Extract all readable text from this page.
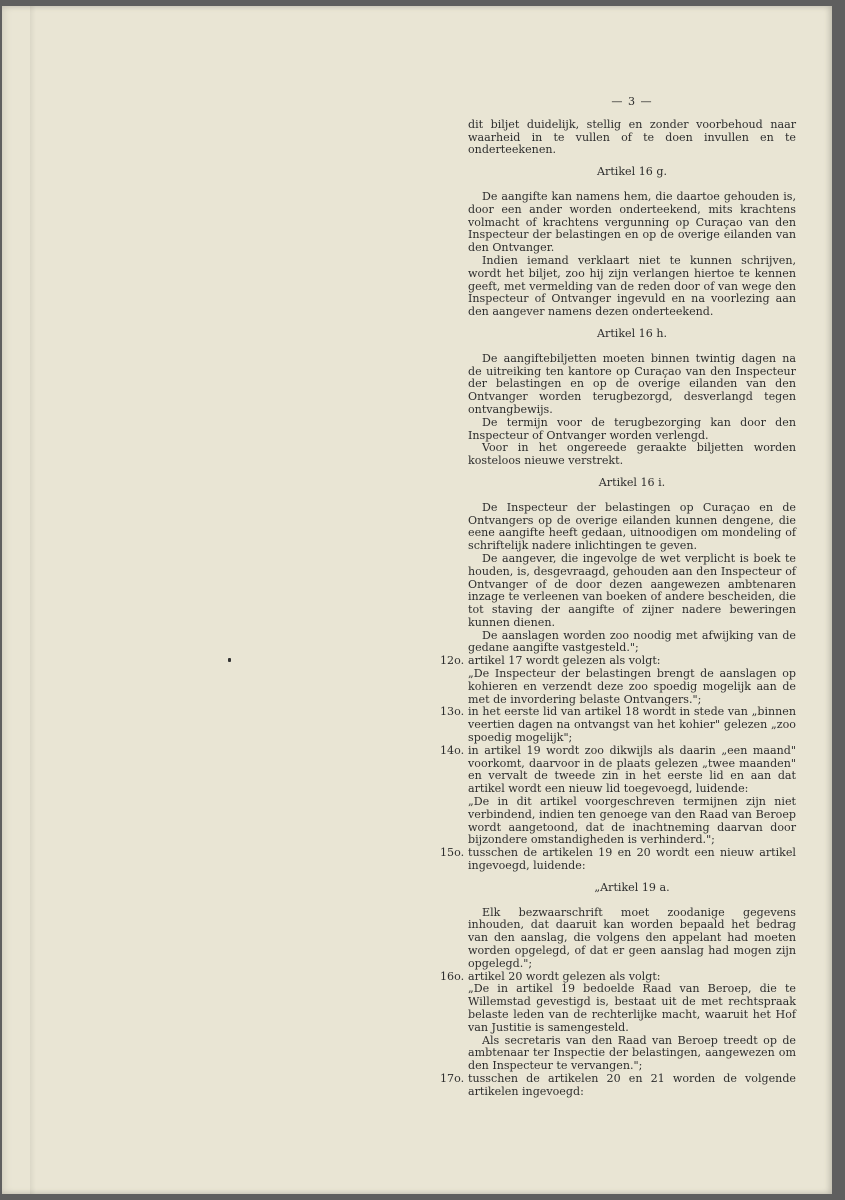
— 3 —

dit biljet duidelijk, stellig en zonder voorbehoud naar waarheid in te vullen of te doen invullen en te onderteekenen.

Artikel 16 g.

De aangifte kan namens hem, die daartoe gehouden is, door een ander worden onderteekend, mits krachtens volmacht of krachtens vergunning op Curaçao van den Inspecteur der belastingen en op de overige eilanden van den Ontvanger.

Indien iemand verklaart niet te kunnen schrijven, wordt het biljet, zoo hij zijn verlangen hiertoe te kennen geeft, met vermelding van de reden door of van wege den Inspecteur of Ontvanger ingevuld en na voorlezing aan den aangever namens dezen onderteekend.

Artikel 16 h.

De aangiftebiljetten moeten binnen twintig dagen na de uitreiking ten kantore op Curaçao van den Inspecteur der belastingen en op de overige eilanden van den Ontvanger worden terugbezorgd, desverlangd tegen ontvangbewijs.

De termijn voor de terugbezorging kan door den Inspecteur of Ontvanger worden verlengd.

Voor in het ongereede geraakte biljetten worden kosteloos nieuwe verstrekt.

Artikel 16 i.

De Inspecteur der belastingen op Curaçao en de Ontvangers op de overige eilanden kunnen dengene, die eene aangifte heeft gedaan, uitnoodigen om mondeling of schriftelijk nadere inlichtingen te geven.

De aangever, die ingevolge de wet verplicht is boek te houden, is, desgevraagd, gehouden aan den Inspecteur of Ontvanger of de door dezen aangewezen ambtenaren inzage te verleenen van boeken of andere bescheiden, die tot staving der aangifte of zijner nadere beweringen kunnen dienen.

De aanslagen worden zoo noodig met afwijking van de gedane aangifte vastgesteld.";

12o. artikel 17 wordt gelezen als volgt:

„De Inspecteur der belastingen brengt de aanslagen op kohieren en verzendt deze zoo spoedig mogelijk aan de met de invordering belaste Ontvangers.";

13o. in het eerste lid van artikel 18 wordt in stede van „binnen veertien dagen na ontvangst van het kohier" gelezen „zoo spoedig mogelijk";

14o. in artikel 19 wordt zoo dikwijls als daarin „een maand" voorkomt, daarvoor in de plaats gelezen „twee maanden" en vervalt de tweede zin in het eerste lid en aan dat artikel wordt een nieuw lid toegevoegd, luidende:

„De in dit artikel voorgeschreven termijnen zijn niet verbindend, indien ten genoege van den Raad van Beroep wordt aangetoond, dat de inachtneming daarvan door bijzondere omstandigheden is verhinderd.";

15o. tusschen de artikelen 19 en 20 wordt een nieuw artikel ingevoegd, luidende:

„Artikel 19 a.

Elk bezwaarschrift moet zoodanige gegevens inhouden, dat daaruit kan worden bepaald het bedrag van den aanslag, die volgens den appelant had moeten worden opgelegd, of dat er geen aanslag had mogen zijn opgelegd.";

16o. artikel 20 wordt gelezen als volgt:

„De in artikel 19 bedoelde Raad van Beroep, die te Willemstad gevestigd is, bestaat uit de met rechtspraak belaste leden van de rechterlijke macht, waaruit het Hof van Justitie is samengesteld.

Als secretaris van den Raad van Beroep treedt op de ambtenaar ter Inspectie der belastingen, aangewezen om den Inspecteur te vervangen.";

17o. tusschen de artikelen 20 en 21 worden de volgende artikelen ingevoegd:
